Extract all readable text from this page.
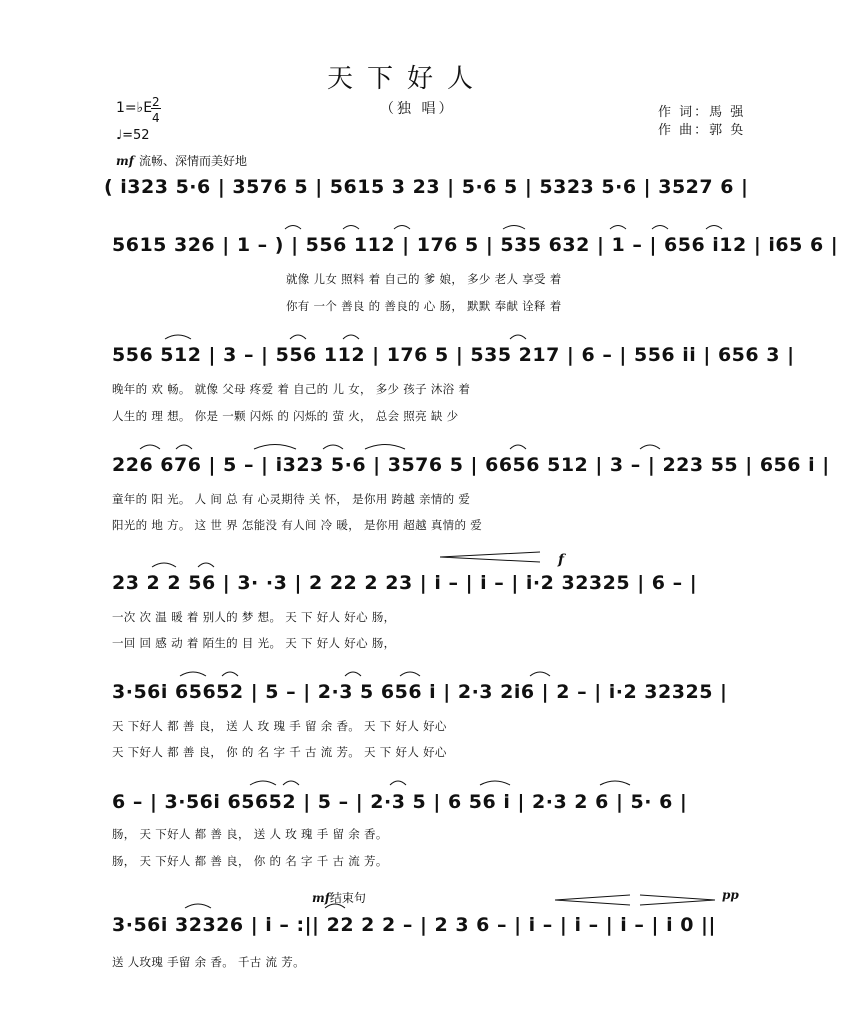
天下好人
（独 唱）	作 词：馬 强
作 曲：郭 奂
1=♭E 2
4
♩=52
mf 流畅、深情而美好地
( i323 5·6 | 3576 5 | 5615 3 23 | 5·6 5 | 5323 5·6 | 3527 6 |
5615 326 | 1 – ) | 556 112 | 176 5 | 535 632 | 1 – | 656 i12 | i65 6 |
就像 儿女 照料 着 自己的 爹 娘， 多少 老人 享受 着
你有 一个 善良 的 善良的 心 肠， 默默 奉献 诠释 着
556 512 | 3 – | 556 112 | 176 5 | 535 217 | 6 – | 556 ii | 656 3 |
晚年的 欢 畅。 就像 父母 疼爱 着 自己的 儿 女， 多少 孩子 沐浴 着
人生的 理 想。 你是 一颗 闪烁 的 闪烁的 萤 火， 总会 照亮 缺 少
226 676 | 5 – | i323 5·6 | 3576 5 | 6656 512 | 3 – | 223 55 | 656 i |
童年的 阳 光。 人 间 总 有 心灵期待 关 怀， 是你用 跨越 亲情的 爱
阳光的 地 方。 这 世 界 怎能没 有人间 冷 暖， 是你用 超越 真情的 爱
f
23 2 2 56 | 3· ·3 | 2 22 2 23 | i – | i – | i·2 32325 | 6 – |
一次 次 温 暖 着 别人的 梦 想。 天 下 好人 好心 肠，
一回 回 感 动 着 陌生的 目 光。 天 下 好人 好心 肠，
3·56i 65652 | 5 – | 2·3 5 656 i | 2·3 2i6 | 2 – | i·2 32325 |
天 下好人 都 善 良， 送 人 玫 瑰 手 留 余 香。 天 下 好人 好心
天 下好人 都 善 良， 你 的 名 字 千 古 流 芳。 天 下 好人 好心
6 – | 3·56i 65652 | 5 – | 2·3 5 | 6 56 i | 2·3 2 6 | 5· 6 |
肠， 天 下好人 都 善 良， 送 人 玫 瑰 手 留 余 香。
肠， 天 下好人 都 善 良， 你 的 名 字 千 古 流 芳。
mf结束句	pp
3·56i 32326 | i – :|| 22 2 2 – | 2 3 6 – | i – | i – | i – | i 0 ||
送 人玫瑰 手留 余 香。 千古 流 芳。
